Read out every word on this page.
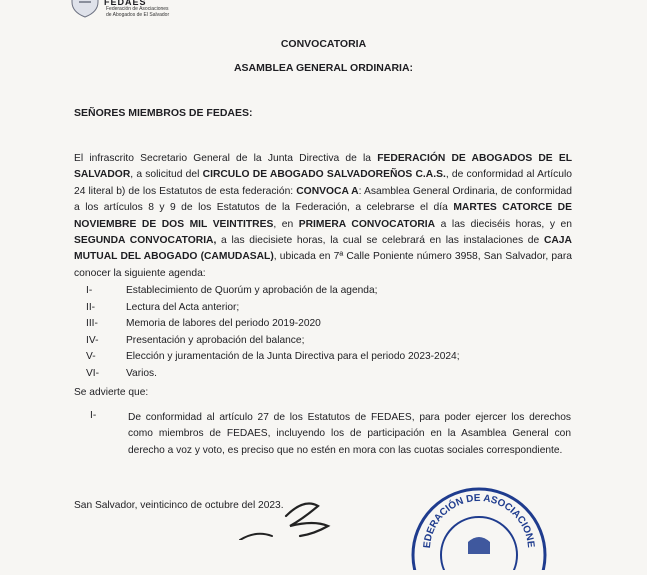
FEDAES
Federación de Asociaciones
de Abogados de El Salvador
CONVOCATORIA
ASAMBLEA GENERAL ORDINARIA:
SEÑORES MIEMBROS DE FEDAES:
El infrascrito Secretario General de la Junta Directiva de la FEDERACIÓN DE ABOGADOS DE EL SALVADOR, a solicitud del CIRCULO DE ABOGADO SALVADOREÑOS C.A.S., de conformidad al Artículo 24 literal b) de los Estatutos de esta federación: CONVOCA A: Asamblea General Ordinaria, de conformidad a los artículos 8 y 9 de los Estatutos de la Federación, a celebrarse el día MARTES CATORCE DE NOVIEMBRE DE DOS MIL VEINTITRES, en PRIMERA CONVOCATORIA a las dieciséis horas, y en SEGUNDA CONVOCATORIA, a las diecisiete horas, la cual se celebrará en las instalaciones de CAJA MUTUAL DEL ABOGADO (CAMUDASAL), ubicada en 7ª Calle Poniente número 3958, San Salvador, para conocer la siguiente agenda:
I-	Establecimiento de Quorúm y aprobación de la agenda;
II-	Lectura del Acta anterior;
III-	Memoria de labores del periodo 2019-2020
IV-	Presentación y aprobación del balance;
V-	Elección y juramentación de la Junta Directiva para el periodo 2023-2024;
VI-	Varios.
Se advierte que:
I-	De conformidad al artículo 27 de los Estatutos de FEDAES, para poder ejercer los derechos como miembros de FEDAES, incluyendo los de participación en la Asamblea General con derecho a voz y voto, es preciso que no estén en mora con las cuotas sociales correspondiente.
San Salvador, veinticinco de octubre del 2023.
EDERACIÓN DE ASOCIACIONE
